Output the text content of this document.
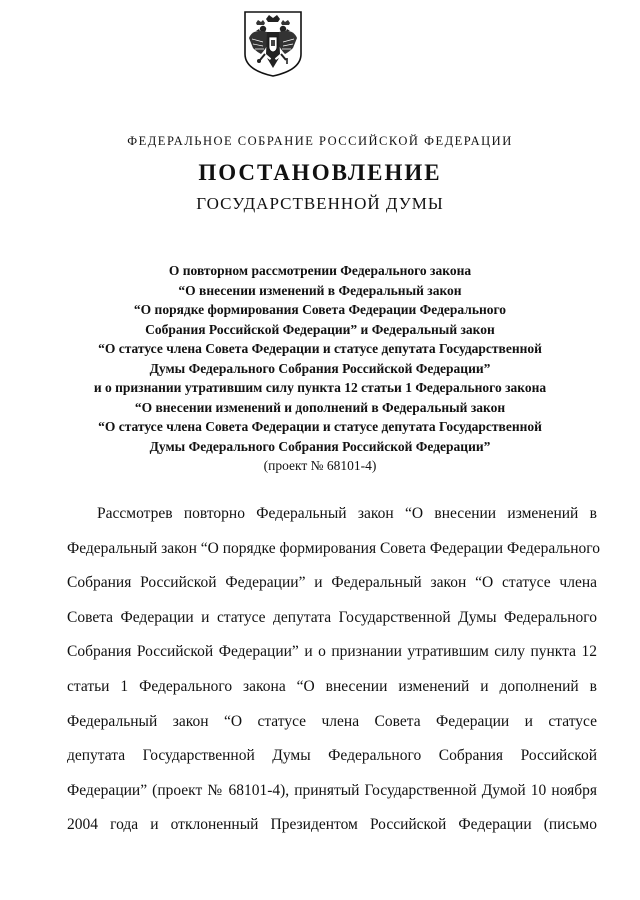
ФЕДЕРАЛЬНОЕ СОБРАНИЕ РОССИЙСКОЙ ФЕДЕРАЦИИ
ПОСТАНОВЛЕНИЕ
ГОСУДАРСТВЕННОЙ ДУМЫ
О повторном рассмотрении Федерального закона
“О внесении изменений в Федеральный закон
“О порядке формирования Совета Федерации Федерального
Собрания Российской Федерации” и Федеральный закон
“О статусе члена Совета Федерации и статусе депутата Государственной
Думы Федерального Собрания Российской Федерации”
и о признании утратившим силу пункта 12 статьи 1 Федерального закона
“О внесении изменений и дополнений в Федеральный закон
“О статусе члена Совета Федерации и статусе депутата Государственной
Думы Федерального Собрания Российской Федерации”
(проект № 68101-4)
Рассмотрев повторно Федеральный закон “О внесении изменений в
Федеральный закон “О порядке формирования Совета Федерации Федерального
Собрания Российской Федерации” и Федеральный закон “О статусе члена
Совета Федерации и статусе депутата Государственной Думы Федерального
Собрания Российской Федерации” и о признании утратившим силу пункта 12
статьи 1 Федерального закона “О внесении изменений и дополнений в
Федеральный закон “О статусе члена Совета Федерации и статусе
депутата Государственной Думы Федерального Собрания Российской
Федерации” (проект № 68101-4), принятый Государственной Думой 10 ноября
2004 года и отклоненный Президентом Российской Федерации (письмо
